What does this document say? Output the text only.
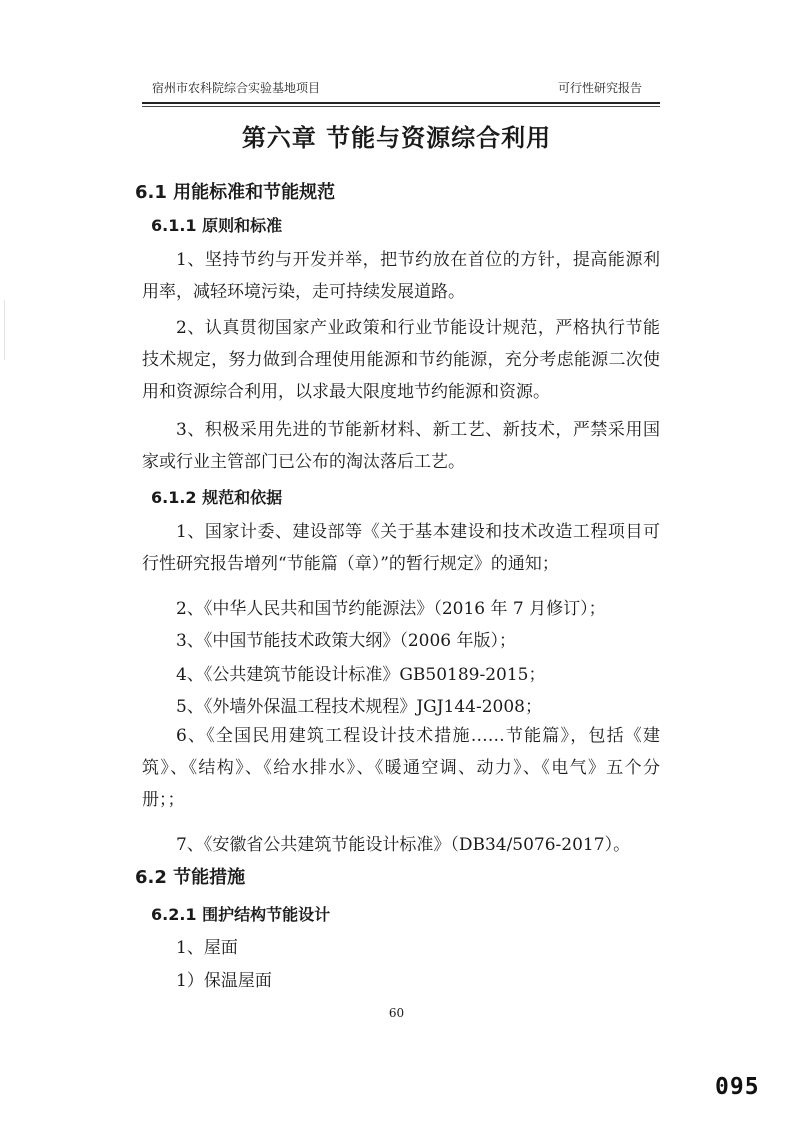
宿州市农科院综合实验基地项目	可行性研究报告
第六章 节能与资源综合利用
6.1 用能标准和节能规范
6.1.1 原则和标准
1、坚持节约与开发并举，把节约放在首位的方针，提高能源利用率，减轻环境污染，走可持续发展道路。
2、认真贯彻国家产业政策和行业节能设计规范，严格执行节能技术规定，努力做到合理使用能源和节约能源，充分考虑能源二次使用和资源综合利用，以求最大限度地节约能源和资源。
3、积极采用先进的节能新材料、新工艺、新技术，严禁采用国家或行业主管部门已公布的淘汰落后工艺。
6.1.2 规范和依据
1、国家计委、建设部等《关于基本建设和技术改造工程项目可行性研究报告增列“节能篇（章）”的暂行规定》的通知；
2、《中华人民共和国节约能源法》（2016 年 7 月修订）；
3、《中国节能技术政策大纲》（2006 年版）；
4、《公共建筑节能设计标准》GB50189-2015；
5、《外墙外保温工程技术规程》JGJ144-2008；
6、《全国民用建筑工程设计技术措施……节能篇》，包括《建筑》、《结构》、《给水排水》、《暖通空调、动力》、《电气》五个分册；；
7、《安徽省公共建筑节能设计标准》（DB34/5076-2017）。
6.2 节能措施
6.2.1 围护结构节能设计
1、屋面
1）保温屋面
60
095
